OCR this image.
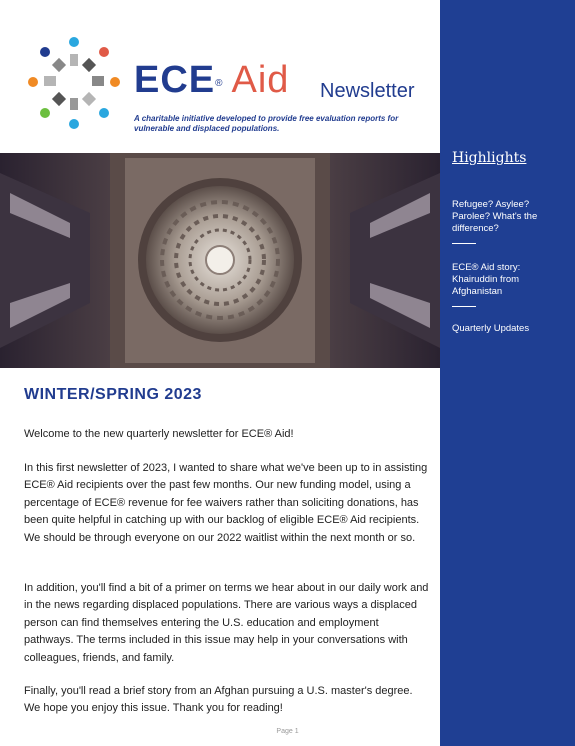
ECE® Aid Newsletter
A charitable initiative developed to provide free evaluation reports for vulnerable and displaced populations.
WINTER/SPRING 2023

Welcome to the new quarterly newsletter for ECE® Aid!

In this first newsletter of 2023, I wanted to share what we've been up to in assisting ECE® Aid recipients over the past few months. Our new funding model, using a percentage of ECE® revenue for fee waivers rather than soliciting donations, has been quite helpful in catching up with our backlog of eligible ECE® Aid recipients. We should be through everyone on our 2022 waitlist within the next month or so.

In addition, you'll find a bit of a primer on terms we hear about in our daily work and in the news regarding displaced populations. There are various ways a displaced person can find themselves entering the U.S. education and employment pathways. The terms included in this issue may help in your conversations with colleagues, friends, and family.

Finally, you'll read a brief story from an Afghan pursuing a U.S. master's degree. We hope you enjoy this issue. Thank you for reading!

Page 1
Highlights
Refugee? Asylee? Parolee? What's the difference?
ECE® Aid story: Khairuddin from Afghanistan
Quarterly Updates
